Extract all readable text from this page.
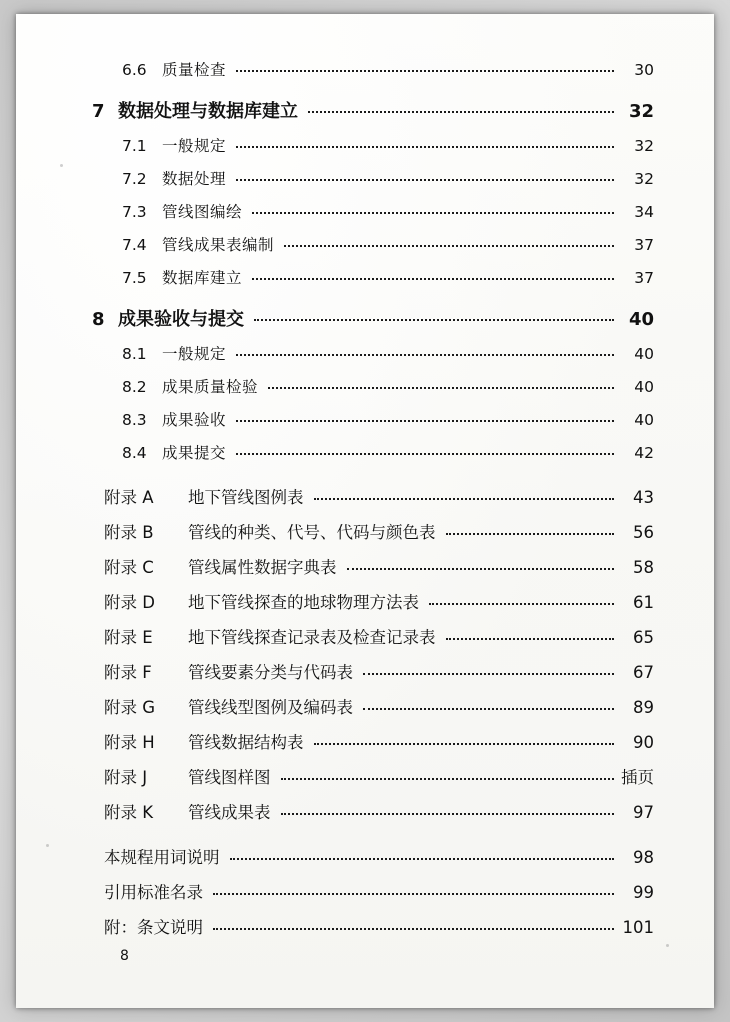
6.6 质量检查	30
7 数据处理与数据库建立	32
7.1 一般规定	32
7.2 数据处理	32
7.3 管线图编绘	34
7.4 管线成果表编制	37
7.5 数据库建立	37
8 成果验收与提交	40
8.1 一般规定	40
8.2 成果质量检验	40
8.3 成果验收	40
8.4 成果提交	42
附录 A	地下管线图例表	43
附录 B	管线的种类、代号、代码与颜色表	56
附录 C	管线属性数据字典表	58
附录 D	地下管线探查的地球物理方法表	61
附录 E	地下管线探查记录表及检查记录表	65
附录 F	管线要素分类与代码表	67
附录 G	管线线型图例及编码表	89
附录 H	管线数据结构表	90
附录 J	管线图样图	插页
附录 K	管线成果表	97
本规程用词说明	98
引用标准名录	99
附：条文说明	101
8
